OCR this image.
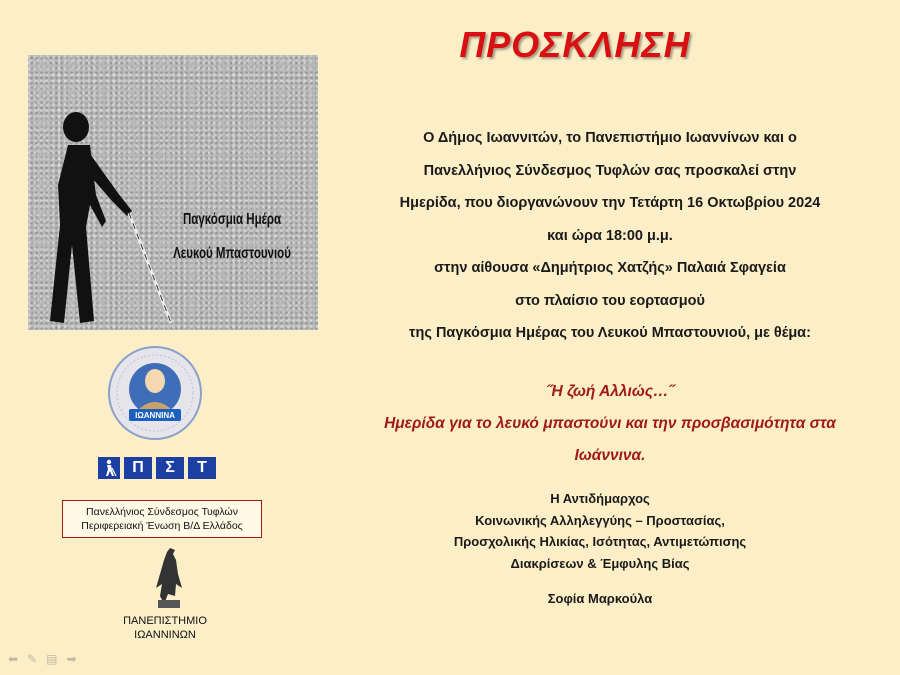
ΠΡΟΣΚΛΗΣΗ
Παγκόσμια Ημέρα
Λευκού Μπαστουνιού

Ο Δήμος Ιωαννιτών, το Πανεπιστήμιο Ιωαννίνων και ο

Πανελλήνιος Σύνδεσμος Τυφλών σας προσκαλεί στην

Ημερίδα, που διοργανώνουν την Τετάρτη 16 Οκτωβρίου 2024

και ώρα 18:00 μ.μ.

στην αίθουσα «Δημήτριος Χατζής» Παλαιά Σφαγεία

στο πλαίσιο του εορτασμού

της Παγκόσμια Ημέρας του Λευκού Μπαστουνιού, με θέμα:

˝Η ζωή Αλλιώς…˝

Ημερίδα για το λευκό μπαστούνι και την προσβασιμότητα στα

Ιωάννινα.

Η Αντιδήμαρχος

Κοινωνικής Αλληλεγγύης – Προστασίας,

Προσχολικής Ηλικίας, Ισότητας, Αντιμετώπισης

Διακρίσεων & Έμφυλης Βίας

Σοφία Μαρκούλα

ΙΩΑΝΝΙΝΑ
Π	Σ	Τ
Πανελλήνιος Σύνδεσμος Τυφλών
Περιφερειακή Ένωση Β/Δ Ελλάδος
ΠΑΝΕΠΙΣΤΗΜΙΟ
ΙΩΑΝΝΙΝΩΝ
⬅ ✎ ▤ ➡
